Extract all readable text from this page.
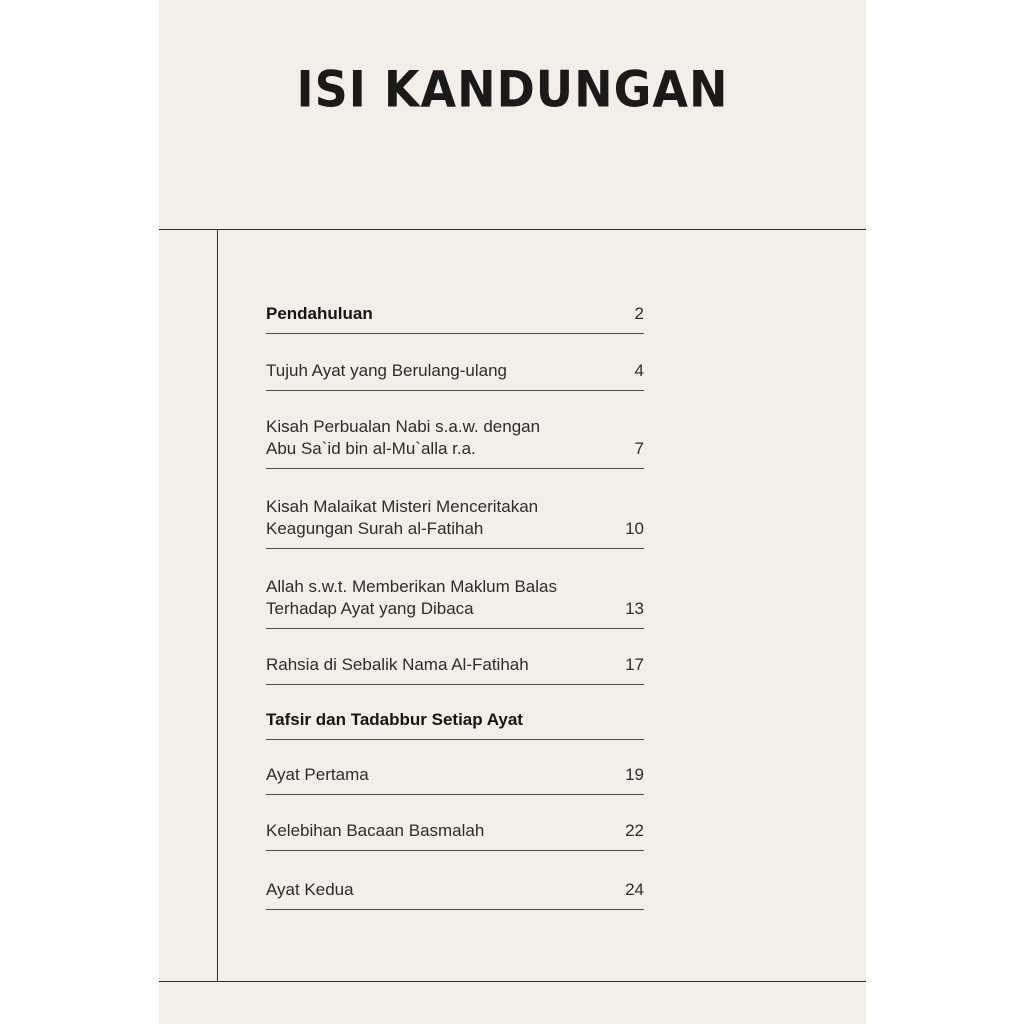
ISI KANDUNGAN
Pendahuluan	2
Tujuh Ayat yang Berulang-ulang	4
Kisah Perbualan Nabi s.a.w. dengan
Abu Sa`id bin al-Mu`alla r.a.	7
Kisah Malaikat Misteri Menceritakan
Keagungan Surah al-Fatihah	10
Allah s.w.t. Memberikan Maklum Balas
Terhadap Ayat yang Dibaca	13
Rahsia di Sebalik Nama Al-Fatihah	17
Tafsir dan Tadabbur Setiap Ayat
Ayat Pertama	19
Kelebihan Bacaan Basmalah	22
Ayat Kedua	24
